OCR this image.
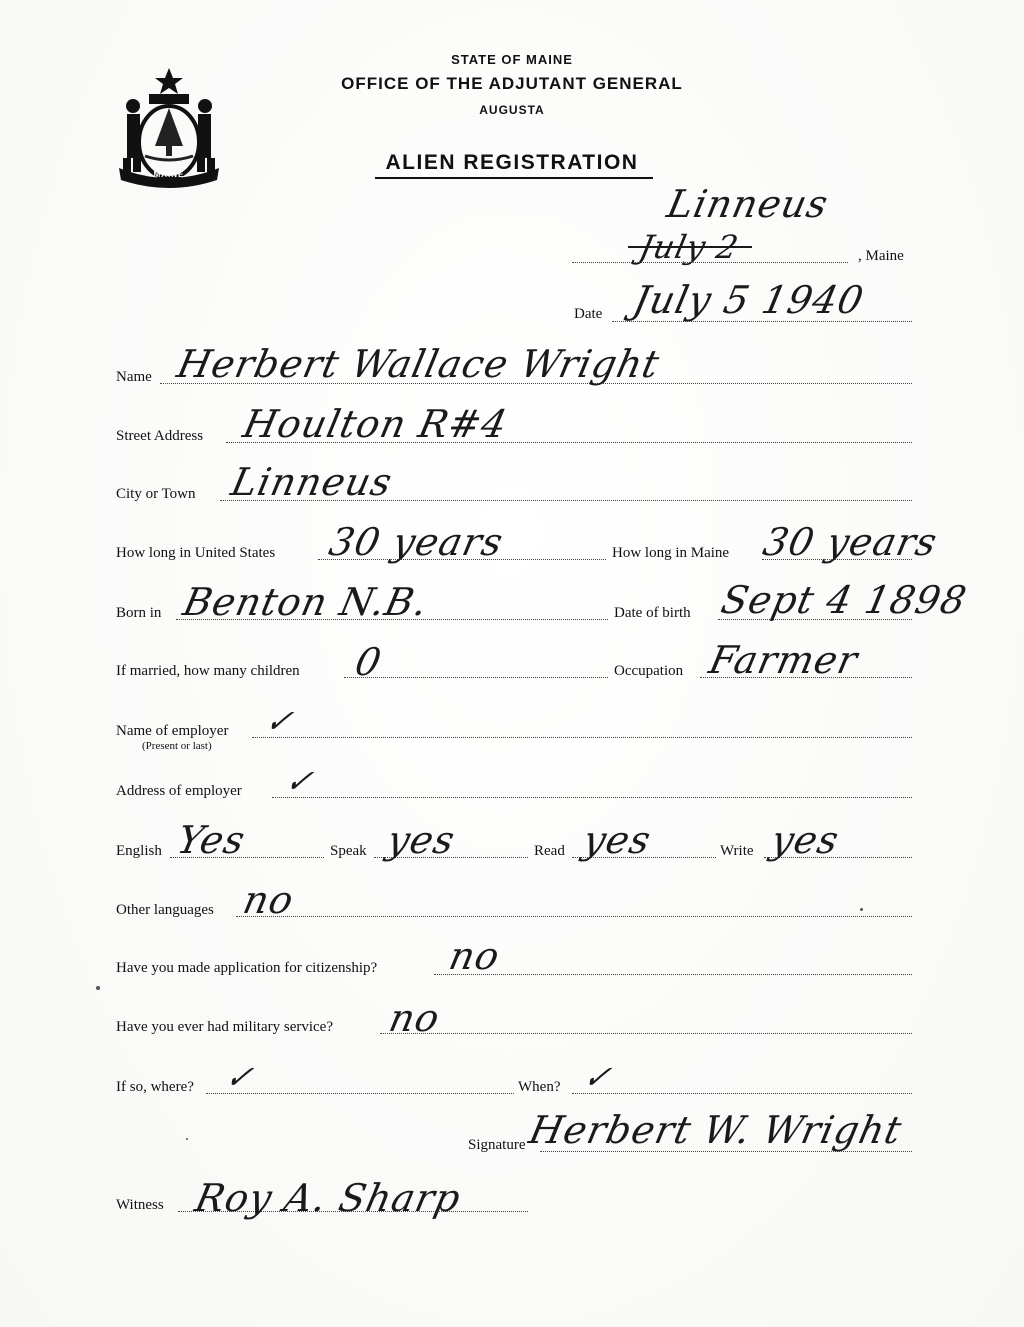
MAINE
STATE OF MAINE
OFFICE OF THE ADJUTANT GENERAL
AUGUSTA
ALIEN REGISTRATION
Linneus
July 2	, Maine
Date July 5 1940
Name Herbert Wallace Wright
Street Address Houlton R#4
City or Town Linneus
How long in United States 30 years	How long in Maine 30 years
Born in Benton N.B.	Date of birth Sept 4 1898
If married, how many children 0	Occupation Farmer
Name of employer
(Present or last)
✓
Address of employer ✓
English Yes	Speak yes	Read yes	Write yes
Other languages no
Have you made application for citizenship? no
Have you ever had military service? no
If so, where? ✓	When? ✓
Signature Herbert W. Wright
Witness Roy A. Sharp
